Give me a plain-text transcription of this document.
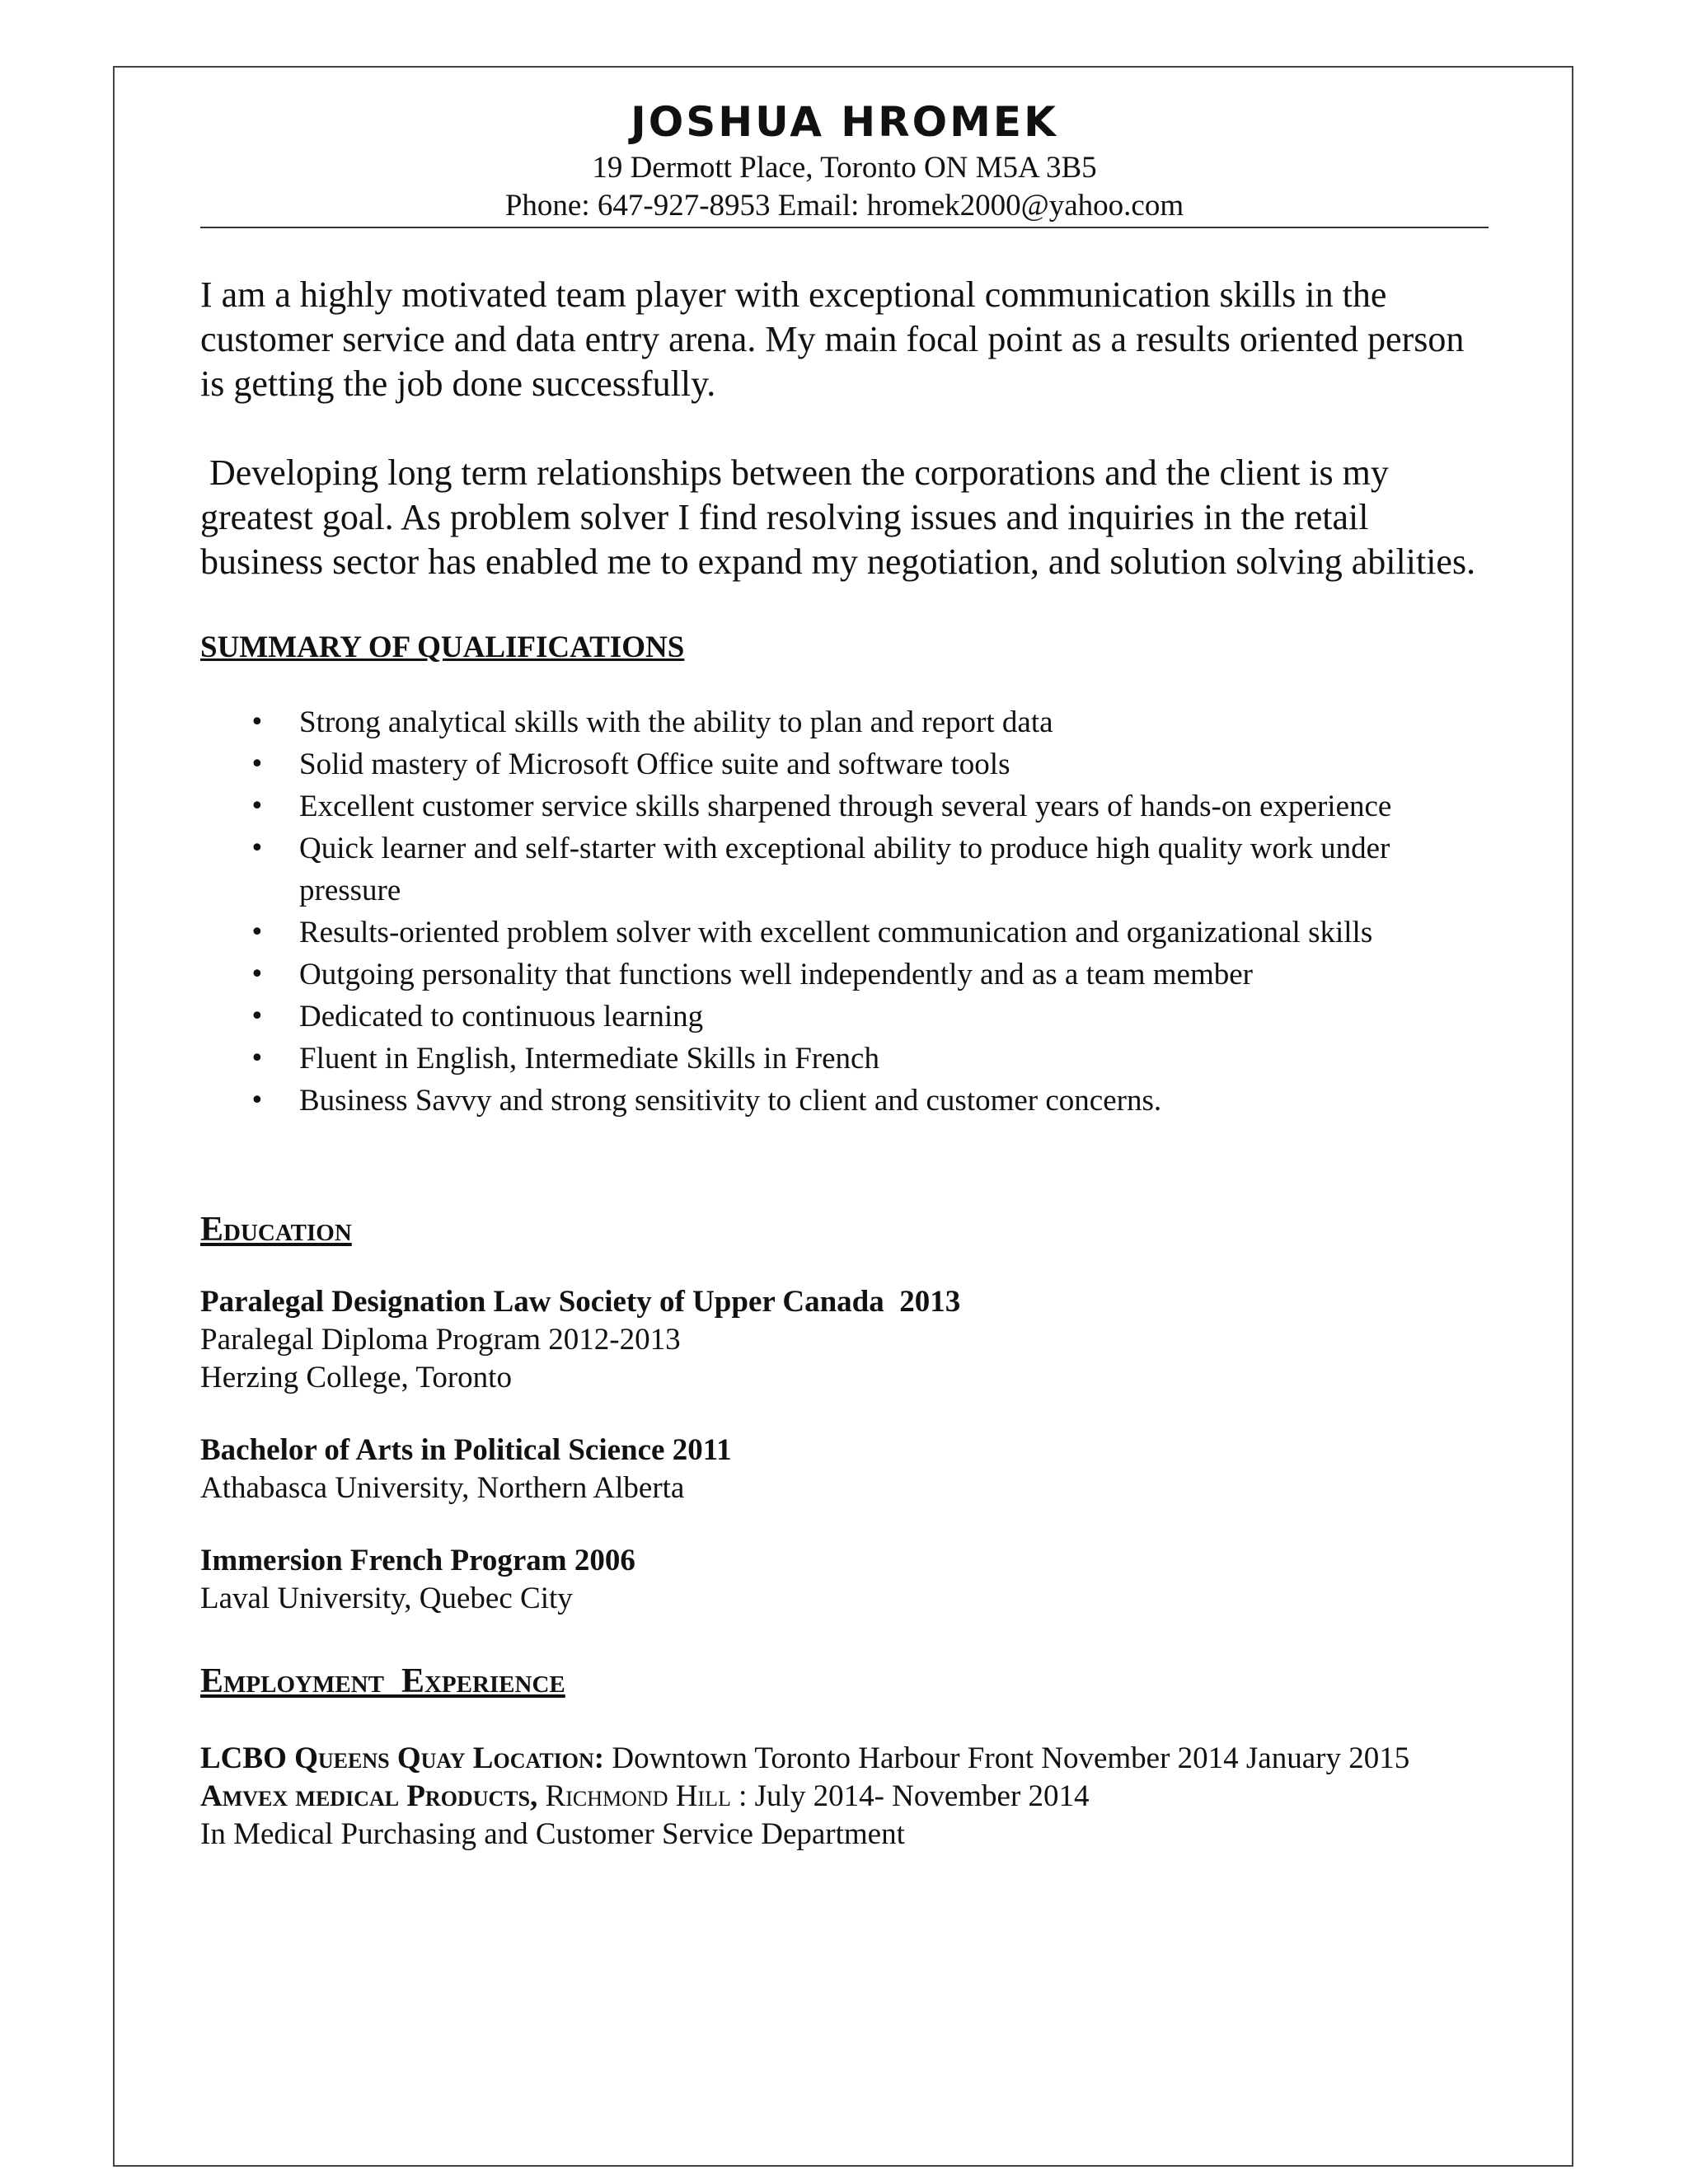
JOSHUA HROMEK
19 Dermott Place, Toronto ON M5A 3B5
Phone: 647-927-8953 Email: hromek2000@yahoo.com

I am a highly motivated team player with exceptional communication skills in the customer service and data entry arena. My main focal point as a results oriented person is getting the job done successfully.

Developing long term relationships between the corporations and the client is my greatest goal. As problem solver I find resolving issues and inquiries in the retail business sector has enabled me to expand my negotiation, and solution solving abilities.

SUMMARY OF QUALIFICATIONS
• Strong analytical skills with the ability to plan and report data
• Solid mastery of Microsoft Office suite and software tools
• Excellent customer service skills sharpened through several years of hands-on experience
• Quick learner and self-starter with exceptional ability to produce high quality work under pressure
• Results-oriented problem solver with excellent communication and organizational skills
• Outgoing personality that functions well independently and as a team member
• Dedicated to continuous learning
• Fluent in English, Intermediate Skills in French
• Business Savvy and strong sensitivity to client and customer concerns.
Education
Paralegal Designation Law Society of Upper Canada  2013
Paralegal Diploma Program 2012-2013
Herzing College, Toronto
Bachelor of Arts in Political Science 2011
Athabasca University, Northern Alberta
Immersion French Program 2006
Laval University, Quebec City
Employment  Experience
LCBO Queens Quay Location: Downtown Toronto Harbour Front November 2014 January 2015
Amvex medical Products, Richmond Hill : July 2014- November 2014
In Medical Purchasing and Customer Service Department
